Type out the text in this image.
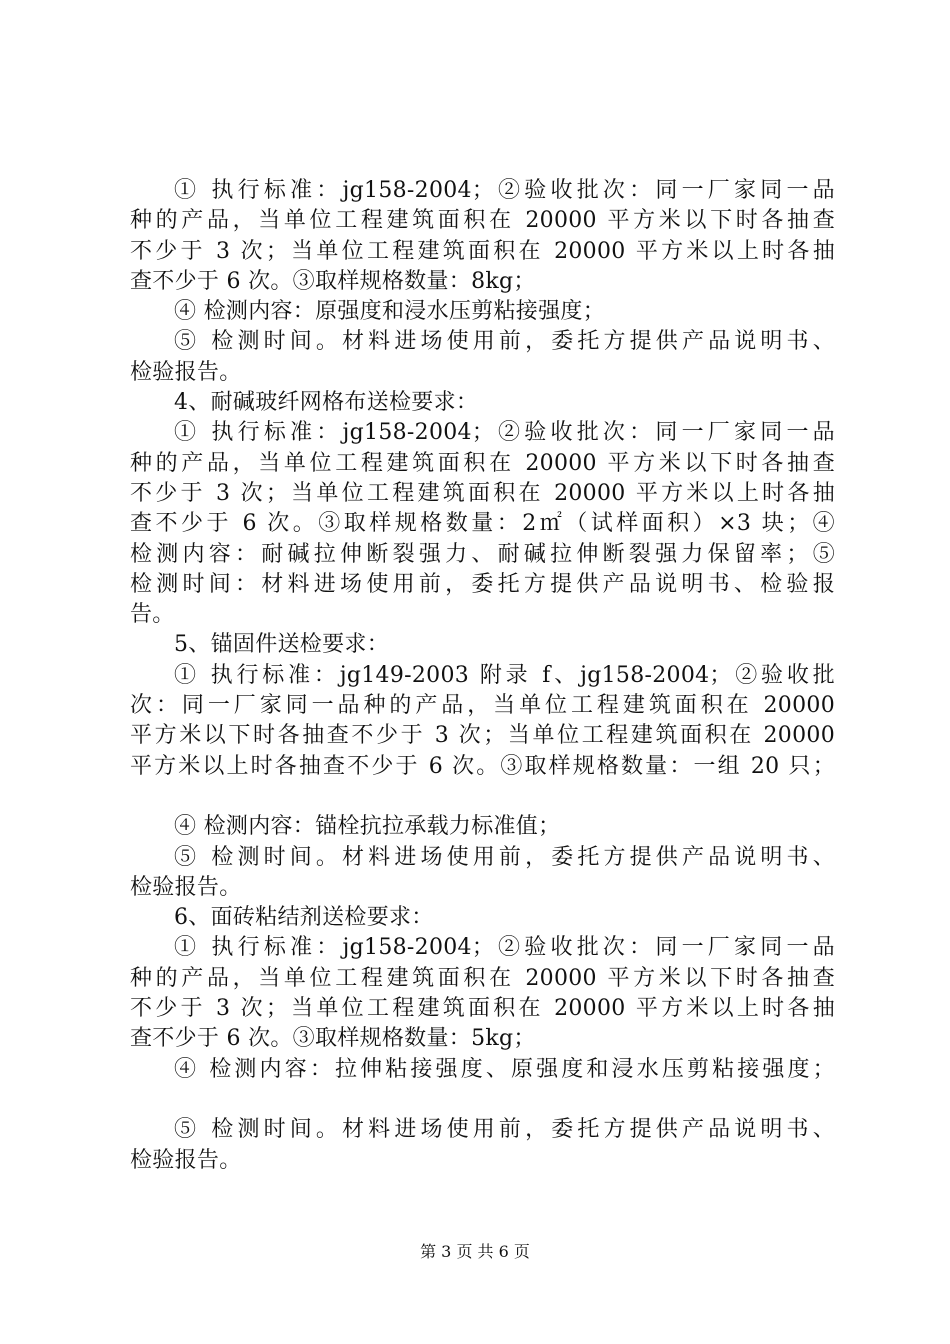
① 执行标准：jg158-2004；②验收批次：同一厂家同一品
种的产品，当单位工程建筑面积在 20000 平方米以下时各抽查
不少于 3 次；当单位工程建筑面积在 20000 平方米以上时各抽
查不少于 6 次。③取样规格数量：8kg；
④ 检测内容：原强度和浸水压剪粘接强度；
⑤ 检测时间。材料进场使用前，委托方提供产品说明书、
检验报告。
4、耐碱玻纤网格布送检要求：
① 执行标准：jg158-2004；②验收批次：同一厂家同一品
种的产品，当单位工程建筑面积在 20000 平方米以下时各抽查
不少于 3 次；当单位工程建筑面积在 20000 平方米以上时各抽
查不少于 6 次。③取样规格数量：2㎡（试样面积）×3 块；④
检测内容：耐碱拉伸断裂强力、耐碱拉伸断裂强力保留率；⑤
检测时间：材料进场使用前，委托方提供产品说明书、检验报
告。
5、锚固件送检要求：
① 执行标准：jg149-2003 附录 f、jg158-2004；②验收批
次：同一厂家同一品种的产品，当单位工程建筑面积在 20000
平方米以下时各抽查不少于 3 次；当单位工程建筑面积在 20000
平方米以上时各抽查不少于 6 次。③取样规格数量：一组 20 只；
④ 检测内容：锚栓抗拉承载力标准值；
⑤ 检测时间。材料进场使用前，委托方提供产品说明书、
检验报告。
6、面砖粘结剂送检要求：
① 执行标准：jg158-2004；②验收批次：同一厂家同一品
种的产品，当单位工程建筑面积在 20000 平方米以下时各抽查
不少于 3 次；当单位工程建筑面积在 20000 平方米以上时各抽
查不少于 6 次。③取样规格数量：5kg；
④ 检测内容：拉伸粘接强度、原强度和浸水压剪粘接强度；
⑤ 检测时间。材料进场使用前，委托方提供产品说明书、
检验报告。
第 3 页 共 6 页
